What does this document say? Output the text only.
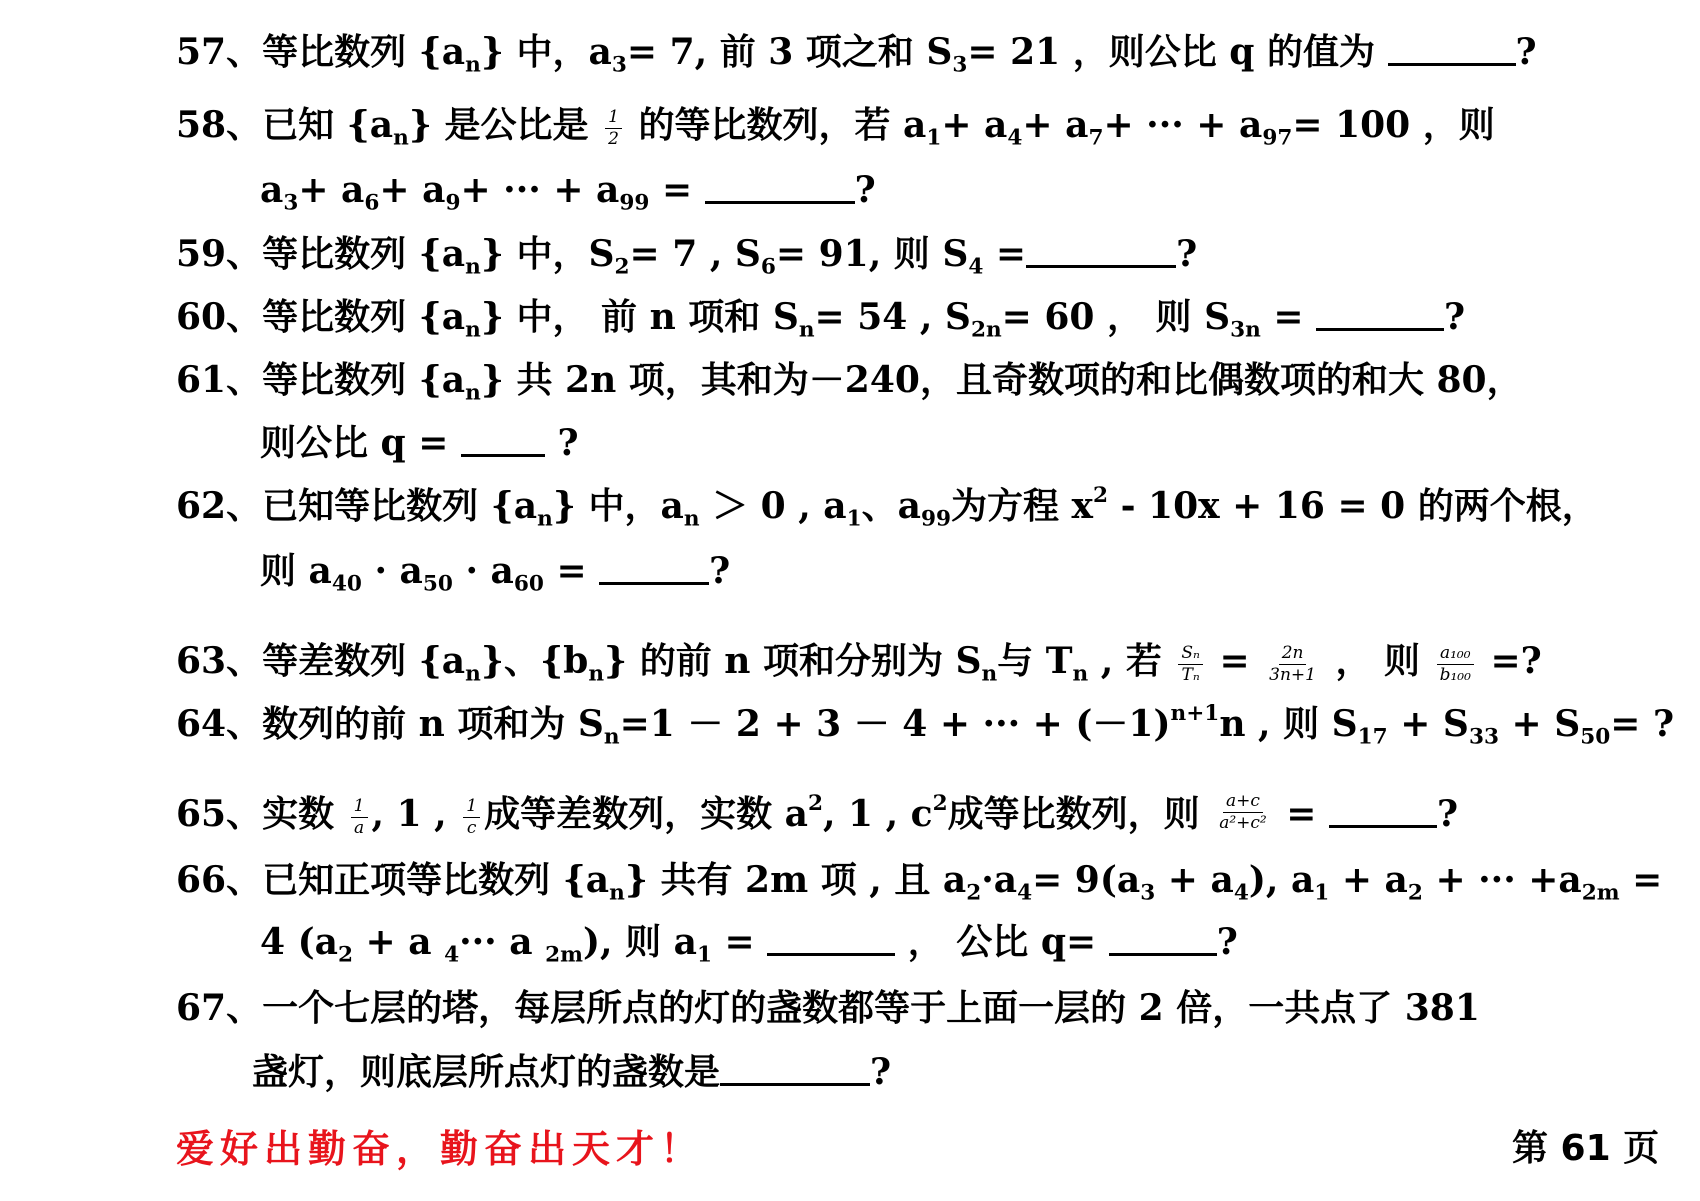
57、等比数列 $\{a_n\}$ 中，$a_3= 7$, 前 3 项之和 $S_3= 21$ ，则公比 q 的值为	?
58、已知 $\{a_n\}$ 是公比是 $\frac{1}{2}$ 的等比数列，若 $a_1+ a_4+ a_7+$ ··· + $a_{97}= 100$ ，则
$a_3+ a_6+ a_9+$ ··· + $a_{99}$ =	?
59、等比数列 $\{a_n\}$ 中，$S_2= 7$ , $S_6= 91$, 则 $S_4$ =	?
60、等比数列 $\{a_n\}$ 中， 前 n 项和 $S_n= 54$ , $S_{2n}= 60$ ， 则 $S_{3n}$ =	?
61、等比数列 $\{a_n\}$ 共 2n 项，其和为－240，且奇数项的和比偶数项的和大 80，
则公比 q =  ?
62、已知等比数列 $\{a_n\}$ 中，$a_n > 0$ , $a_1$、$a_{99}$为方程 $x^2 - 10x + 16 = 0$ 的两个根，
则 $a_{40} \cdot a_{50} \cdot a_{60}$ =	?
63、等差数列 $\{a_n\}$、$\{b_n\}$ 的前 n 项和分别为 $S_n$与 $T_n$ , 若 $\frac{\text{Sₙ}}{\text{Tₙ}} = \frac{2n}{3n+1}$ ， 则 $\frac{\text{a₁₀₀}}{\text{b₁₀₀}}$ =?
64、数列的前 n 项和为 $S_n=1 - 2 + 3 - 4$ + ··· + $(-1)^{n+1}n$ , 则 $S_{17} + S_{33} + S_{50}=$ ?
65、实数 $\frac{1}{a}$ , 1 , $\frac{1}{c}$ 成等差数列，实数 $a^2$, 1 , $c^2$成等比数列，则 $\frac{a+c}{\text{a²+c²}}$ =	?
66、已知正项等比数列 $\{a_n\}$ 共有 2m 项 , 且 $a_2\cdot a_4= 9(a_3 + a_4)$, $a_1 + a_2$ + ··· $+a_{2m}$ =
4 ($a_2 + a$ $_4$··· a $_{2m}$), 则 $a_1$ =	， 公比 q=	?
67、一个七层的塔，每层所点的灯的盏数都等于上面一层的 2 倍，一共点了 381
盏灯，则底层所点灯的盏数是	?
爱好出勤奋，勤奋出天才！	第 61 页
